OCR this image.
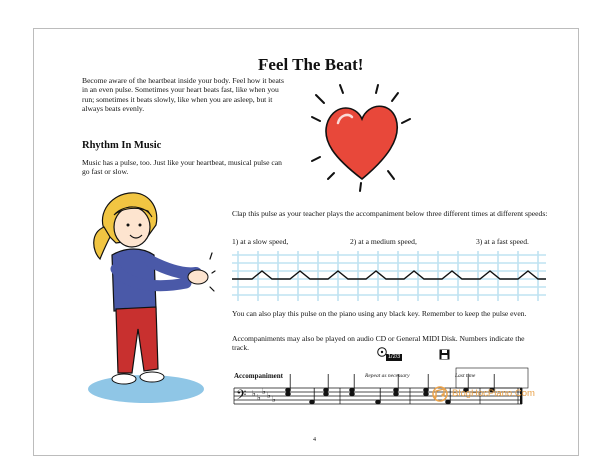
Feel The Beat!

Become aware of the heartbeat inside your body. Feel how it beats in an even pulse. Sometimes your heart beats fast, like when you run; sometimes it beats slowly, like when you are asleep, but it always beats evenly.

Rhythm In Music

Music has a pulse, too. Just like your heartbeat, musical pulse can go fast or slow.

Clap this pulse as your teacher plays the accompaniment below three different times at different speeds:

1) at a slow speed,	2) at a medium speed,	3) at a fast speed.

You can also play this pulse on the piano using any black key. Remember to keep the pulse even.

Accompaniments may also be played on audio CD or General MIDI Disk. Numbers indicate the track.

1/2/3
𝄢 ♭ ♭
♭ ♭ ♭
Accompaniment	Repeat as necessary	Last time
4
BlogHocPiano.Com
